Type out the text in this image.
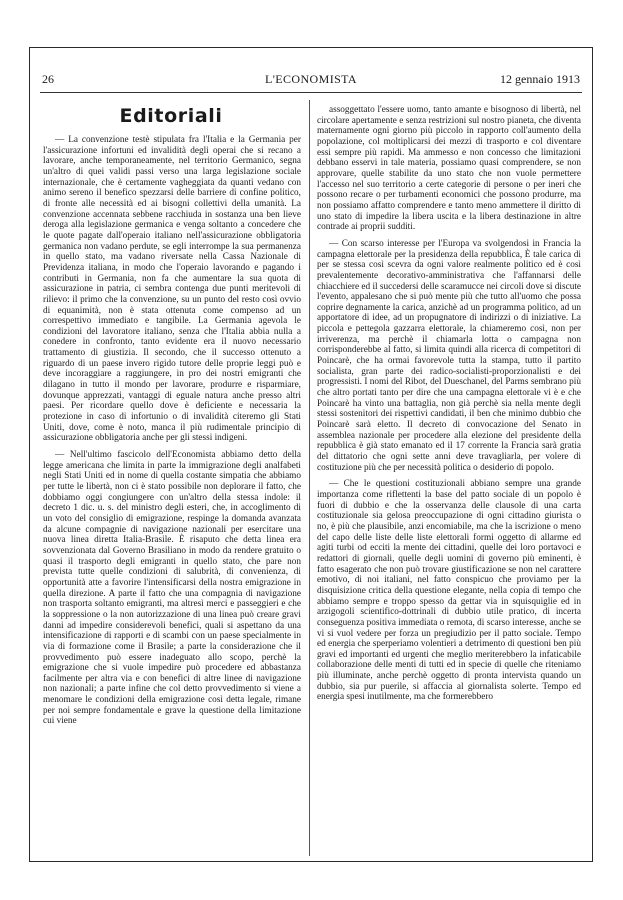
26	L'ECONOMISTA	12 gennaio 1913
Editoriali

— La convenzione testè stipulata fra l'Italia e la Germania per l'assicurazione infortuni ed invalidità degli operai che si recano a lavorare, anche temporaneamente, nel territorio Germanico, segna un'altro di quei validi passi verso una larga legislazione sociale internazionale, che è certamente vagheggiata da quanti vedano con animo sereno il benefico spezzarsi delle barriere di confine politico, di fronte alle necessità ed ai bisogni collettivi della umanità. La convenzione accennata sebbene racchiuda in sostanza una ben lieve deroga alla legislazione germanica e venga soltanto a concedere che le quote pagate dall'operaio italiano nell'assicurazione obbligatoria germanica non vadano perdute, se egli interrompe la sua permanenza in quello stato, ma vadano riversate nella Cassa Nazionale di Previdenza italiana, in modo che l'operaio lavorando e pagando i contributi in Germania, non fa che aumentare la sua quota di assicurazione in patria, ci sembra contenga due punti meritevoli di rilievo: il primo che la convenzione, su un punto del resto così ovvio di equanimità, non è stata ottenuta come compenso ad un correspettivo immediato e tangibile. La Germania agevola le condizioni del lavoratore italiano, senza che l'Italia abbia nulla a conedere in confronto, tanto evidente era il nuovo necessario trattamento di giustizia. Il secondo, che il successo ottenuto a riguardo di un paese invero rigido tutore delle proprie leggi può e deve incoraggiare a raggiungere, in pro dei nostri emigranti che dilagano in tutto il mondo per lavorare, produrre e risparmiare, dovunque apprezzati, vantaggi di eguale natura anche presso altri paesi. Per ricordare quello dove è deficiente e necessaria la protezione in caso di infortunio o di invalidità citeremo gli Stati Uniti, dove, come è noto, manca il più rudimentale principio di assicurazione obbligatoria anche per gli stessi indigeni.

— Nell'ultimo fascicolo dell'Economista abbiamo detto della legge americana che limita in parte la immigrazione degli analfabeti negli Stati Uniti ed in nome di quella costante simpatia che abbiamo per tutte le libertà, non ci è stato possibile non deplorare il fatto, che dobbiamo oggi congiungere con un'altro della stessa indole: il decreto 1 dic. u. s. del ministro degli esteri, che, in accoglimento di un voto del consiglio di emigrazione, respinge la domanda avanzata da alcune compagnie di navigazione nazionali per esercitare una nuova linea diretta Italia-Brasile. È risaputo che detta linea era sovvenzionata dal Governo Brasiliano in modo da rendere gratuito o quasi il trasporto degli emigranti in quello stato, che pare non prevista tutte quelle condizioni di salubrità, di convenienza, di opportunità atte a favorire l'intensificarsi della nostra emigrazione in quella direzione. A parte il fatto che una compagnia di navigazione non trasporta soltanto emigranti, ma altresì merci e passeggieri e che la soppressione o la non autorizzazione di una linea può creare gravi danni ad impedire considerevoli benefici, quali si aspettano da una intensificazione di rapporti e di scambi con un paese specialmente in via di formazione come il Brasile; a parte la considerazione che il provvedimento può essere inadeguato allo scopo, perchè la emigrazione che si vuole impedire può procedere ed abbastanza facilmente per altra via e con benefici di altre linee di navigazione non nazionali; a parte infine che col detto provvedimento si viene a menomare le condizioni della emigrazione così detta legale, rimane per noi sempre fondamentale e grave la questione della limitazione cui viene

assoggettato l'essere uomo, tanto amante e bisognoso di libertà, nel circolare apertamente e senza restrizioni sul nostro pianeta, che diventa maternamente ogni giorno più piccolo in rapporto coll'aumento della popolazione, col moltiplicarsi dei mezzi di trasporto e col diventare essi sempre più rapidi. Ma ammesso e non concesso che limitazioni debbano esservi in tale materia, possiamo quasi comprendere, se non approvare, quelle stabilite da uno stato che non vuole permettere l'accesso nel suo territorio a certe categorie di persone o per ineri che possono recare o per turbamenti economici che possono produrre, ma non possiamo affatto comprendere e tanto meno ammettere il diritto di uno stato di impedire la libera uscita e la libera destinazione in altre contrade ai proprii sudditi.

— Con scarso interesse per l'Europa va svolgendosi in Francia la campagna elettorale per la presidenza della repubblica, È tale carica di per se stessa così scevra da ogni valore realmente politico ed è così prevalentemente decorativo-amministrativa che l'affannarsi delle chiacchiere ed il succedersi delle scaramucce nei circoli dove si discute l'evento, appalesano che si può mente più che tutto all'uomo che possa coprire degnamente la carica, anzichè ad un programma politico, ad un apportatore di idee, ad un propugnatore di indirizzi o di iniziative. La piccola e pettegola gazzarra elettorale, la chiameremo così, non per irriverenza, ma perchè il chiamarla lotta o campagna non corrisponderebbe al fatto, si limita quindi alla ricerca di competitori di Poincarè, che ha ormai favorevole tutta la stampa, tutto il partito socialista, gran parte dei radico-socialisti-proporzionalisti e dei progressisti. I nomi del Ribot, del Dueschanel, del Parms sembrano più che altro portati tanto per dire che una campagna elettorale vi è e che Poincarè ha vinto una battaglia, non già perchè sia nella mente degli stessi sostenitori dei rispettivi candidati, il ben che minimo dubbio che Poincarè sarà eletto. Il decreto di convocazione del Senato in assemblea nazionale per procedere alla elezione del presidente della repubblica è già stato emanato ed il 17 corrente la Francia sarà gratia del dittatorio che ogni sette anni deve travagliarla, per volere di costituzione più che per necessità politica o desiderio di popolo.

— Che le questioni costituzionali abbiano sempre una grande importanza come riflettenti la base del patto sociale di un popolo è fuori di dubbio e che la osservanza delle clausole di una carta costituzionale sia gelosa preoccupazione di ogni cittadino giurista o no, è più che plausibile, anzi encomiabile, ma che la iscrizione o meno del capo delle liste delle liste elettorali formi oggetto di allarme ed agiti turbi od ecciti la mente dei cittadini, quelle dei loro portavoci e redattori di giornali, quelle degli uomini di governo più eminenti, è fatto esagerato che non può trovare giustificazione se non nel carattere emotivo, di noi italiani, nel fatto conspicuo che proviamo per la disquisizione critica della questione elegante, nella copia di tempo che abbiamo sempre e troppo spesso da gettar via in squisquiglie ed in arzigogoli scientifico-dottrinali di dubbio utile pratico, di incerta conseguenza positiva immediata o remota, di scarso interesse, anche se vi si vuol vedere per forza un pregiudizio per il patto sociale. Tempo ed energia che sperperiamo volentieri a detrimento di questioni ben più gravi ed importanti ed urgenti che meglio meriterebbero la infaticabile collaborazione delle menti di tutti ed in specie di quelle che riteniamo più illuminate, anche perchè oggetto di pronta intervista quando un dubbio, sia pur puerile, si affaccia al giornalista solerte. Tempo ed energia spesi inutilmente, ma che formerebbero
